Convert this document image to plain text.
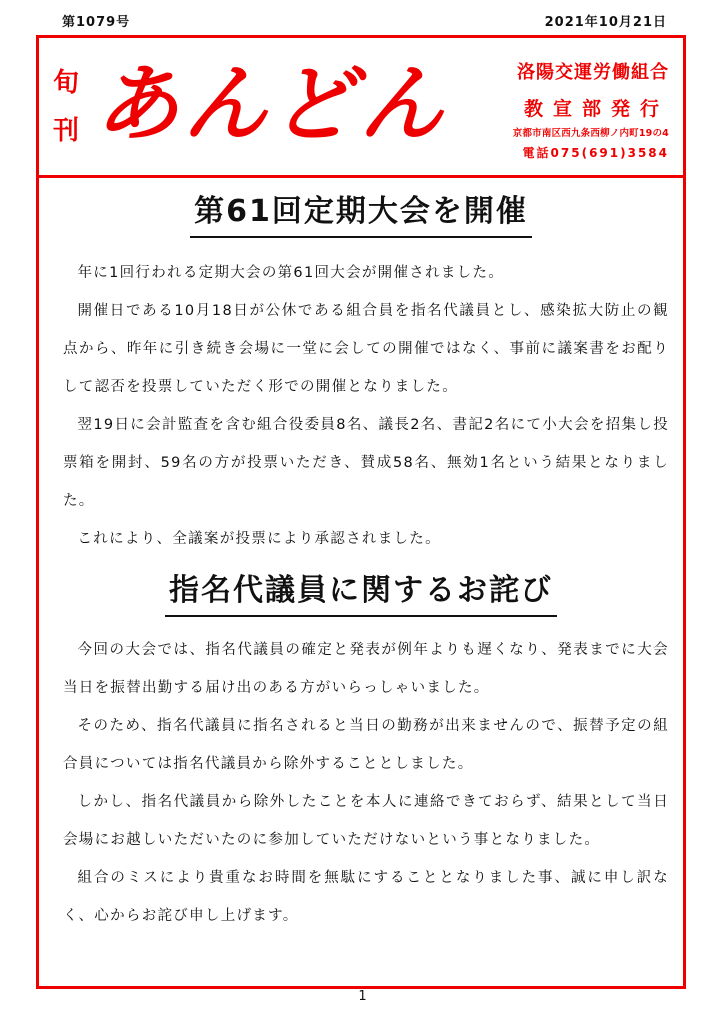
第1079号	2021年10月21日
旬
刊 あんどん	洛陽交運労働組合
教宣部発行
京都市南区西九条西柳ノ内町19の4
電話075(691)3584
第61回定期大会を開催

年に1回行われる定期大会の第61回大会が開催されました。

開催日である10月18日が公休である組合員を指名代議員とし、感染拡大防止の観点から、昨年に引き続き会場に一堂に会しての開催ではなく、事前に議案書をお配りして認否を投票していただく形での開催となりました。

翌19日に会計監査を含む組合役委員8名、議長2名、書記2名にて小大会を招集し投票箱を開封、59名の方が投票いただき、賛成58名、無効1名という結果となりました。

これにより、全議案が投票により承認されました。

指名代議員に関するお詫び

今回の大会では、指名代議員の確定と発表が例年よりも遅くなり、発表までに大会当日を振替出勤する届け出のある方がいらっしゃいました。

そのため、指名代議員に指名されると当日の勤務が出来ませんので、振替予定の組合員については指名代議員から除外することとしました。

しかし、指名代議員から除外したことを本人に連絡できておらず、結果として当日会場にお越しいただいたのに参加していただけないという事となりました。

組合のミスにより貴重なお時間を無駄にすることとなりました事、誠に申し訳なく、心からお詫び申し上げます。

1
